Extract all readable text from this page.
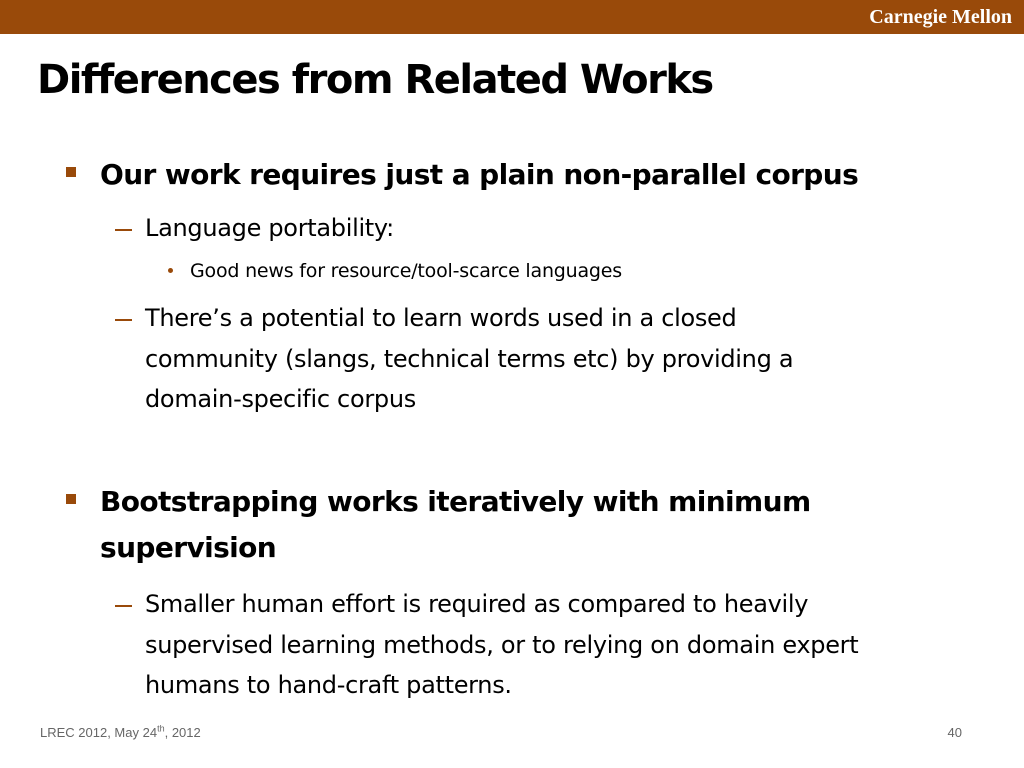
Carnegie Mellon
Differences from Related Works
Our work requires just a plain non-parallel corpus
Language portability:
Good news for resource/tool-scarce languages
There’s a potential to learn words used in a closed
community (slangs, technical terms etc) by providing a
domain-specific corpus
Bootstrapping works iteratively with minimum
supervision
Smaller human effort is required as compared to heavily
supervised learning methods, or to relying on domain expert
humans to hand-craft patterns.
LREC 2012, May 24th, 2012	40
